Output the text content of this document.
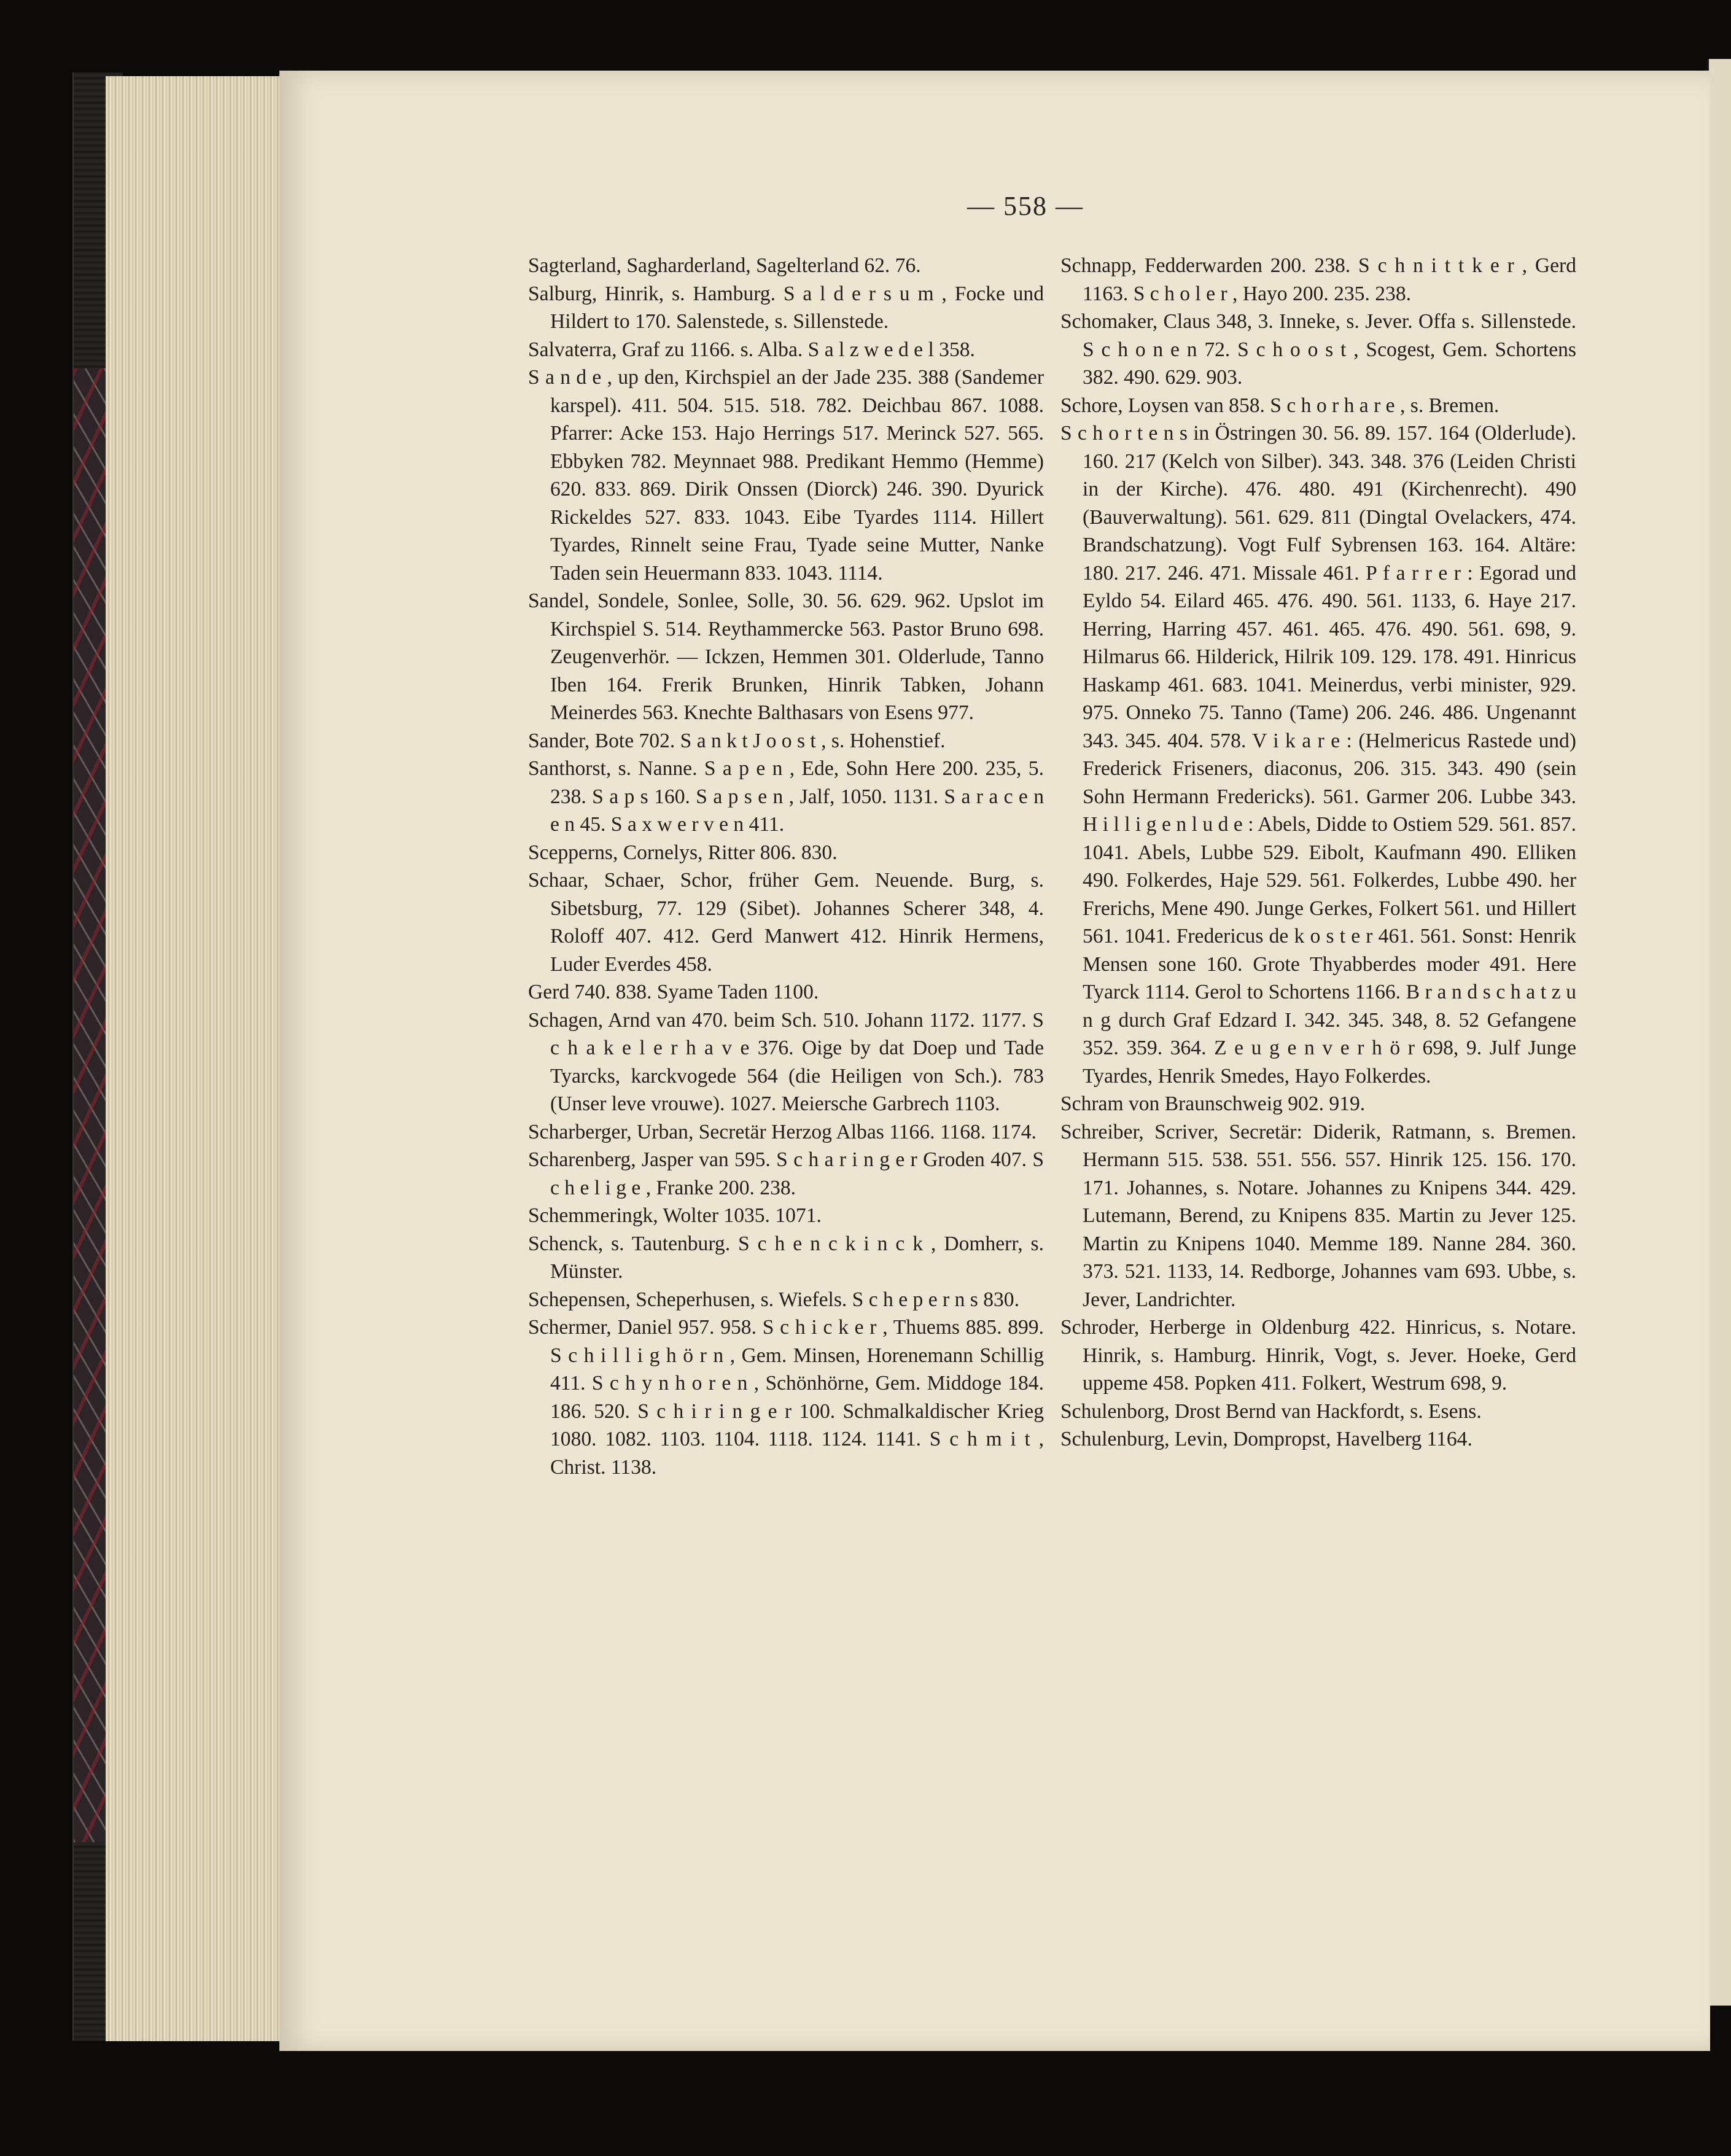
— 558 —

Sagterland, Sagharderland, Sagelterland 62. 76.

Salburg, Hinrik, s. Hamburg. S a l d e r s u m , Focke und Hildert to 170. Salenstede, s. Sillenstede.

Salvaterra, Graf zu 1166. s. Alba. S a l z w e d e l 358.

S a n d e , up den, Kirchspiel an der Jade 235. 388 (Sandemer karspel). 411. 504. 515. 518. 782. Deichbau 867. 1088. Pfarrer: Acke 153. Hajo Herrings 517. Merinck 527. 565. Ebbyken 782. Meynnaet 988. Predikant Hemmo (Hemme) 620. 833. 869. Dirik Onssen (Diorck) 246. 390. Dyurick Rickeldes 527. 833. 1043. Eibe Tyardes 1114. Hillert Tyardes, Rinnelt seine Frau, Tyade seine Mutter, Nanke Taden sein Heuermann 833. 1043. 1114.

Sandel, Sondele, Sonlee, Solle, 30. 56. 629. 962. Upslot im Kirchspiel S. 514. Reythammercke 563. Pastor Bruno 698. Zeugenverhör. — Ickzen, Hemmen 301. Olderlude, Tanno Iben 164. Frerik Brunken, Hinrik Tabken, Johann Meinerdes 563. Knechte Balthasars von Esens 977.

Sander, Bote 702. S a n k t J o o s t , s. Hohenstief.

Santhorst, s. Nanne. S a p e n , Ede, Sohn Here 200. 235, 5. 238. S a p s 160. S a p s e n , Jalf, 1050. 1131. S a r a c e n e n 45. S a x w e r v e n 411.

Scepperns, Cornelys, Ritter 806. 830.

Schaar, Schaer, Schor, früher Gem. Neuende. Burg, s. Sibetsburg, 77. 129 (Sibet). Johannes Scherer 348, 4. Roloff 407. 412. Gerd Manwert 412. Hinrik Hermens, Luder Everdes 458.

Gerd 740. 838. Syame Taden 1100.

Schagen, Arnd van 470. beim Sch. 510. Johann 1172. 1177. S c h a k e l e r h a v e 376. Oige by dat Doep und Tade Tyarcks, karckvogede 564 (die Heiligen von Sch.). 783 (Unser leve vrouwe). 1027. Meiersche Garbrech 1103.

Scharberger, Urban, Secretär Herzog Albas 1166. 1168. 1174.

Scharenberg, Jasper van 595. S c h a r i n g e r Groden 407. S c h e l i g e , Franke 200. 238.

Schemmeringk, Wolter 1035. 1071.

Schenck, s. Tautenburg. S c h e n c k i n c k , Domherr, s. Münster.

Schepensen, Scheperhusen, s. Wiefels. S c h e p e r n s 830.

Schermer, Daniel 957. 958. S c h i c k e r , Thuems 885. 899. S c h i l l i g h ö r n , Gem. Minsen, Horenemann Schillig 411. S c h y n h o r e n , Schönhörne, Gem. Middoge 184. 186. 520. S c h i r i n g e r 100. Schmalkaldischer Krieg 1080. 1082. 1103. 1104. 1118. 1124. 1141. S c h m i t , Christ. 1138.

Schnapp, Fedderwarden 200. 238. S c h n i t t k e r , Gerd 1163. S c h o l e r , Hayo 200. 235. 238.

Schomaker, Claus 348, 3. Inneke, s. Jever. Offa s. Sillenstede. S c h o n e n 72. S c h o o s t , Scogest, Gem. Schortens 382. 490. 629. 903.

Schore, Loysen van 858. S c h o r h a r e , s. Bremen.

S c h o r t e n s in Östringen 30. 56. 89. 157. 164 (Olderlude). 160. 217 (Kelch von Silber). 343. 348. 376 (Leiden Christi in der Kirche). 476. 480. 491 (Kirchenrecht). 490 (Bauverwaltung). 561. 629. 811 (Dingtal Ovelackers, 474. Brandschatzung). Vogt Fulf Sybrensen 163. 164. Altäre: 180. 217. 246. 471. Missale 461. P f a r r e r : Egorad und Eyldo 54. Eilard 465. 476. 490. 561. 1133, 6. Haye 217. Herring, Harring 457. 461. 465. 476. 490. 561. 698, 9. Hilmarus 66. Hilderick, Hilrik 109. 129. 178. 491. Hinricus Haskamp 461. 683. 1041. Meinerdus, verbi minister, 929. 975. Onneko 75. Tanno (Tame) 206. 246. 486. Ungenannt 343. 345. 404. 578. V i k a r e : (Helmericus Rastede und) Frederick Friseners, diaconus, 206. 315. 343. 490 (sein Sohn Hermann Fredericks). 561. Garmer 206. Lubbe 343. H i l l i g e n l u d e : Abels, Didde to Ostiem 529. 561. 857. 1041. Abels, Lubbe 529. Eibolt, Kaufmann 490. Elliken 490. Folkerdes, Haje 529. 561. Folkerdes, Lubbe 490. her Frerichs, Mene 490. Junge Gerkes, Folkert 561. und Hillert 561. 1041. Fredericus de k o s t e r 461. 561. Sonst: Henrik Mensen sone 160. Grote Thyabberdes moder 491. Here Tyarck 1114. Gerol to Schortens 1166. B r a n d s c h a t z u n g durch Graf Edzard I. 342. 345. 348, 8. 52 Gefangene 352. 359. 364. Z e u g e n v e r h ö r 698, 9. Julf Junge Tyardes, Henrik Smedes, Hayo Folkerdes.

Schram von Braunschweig 902. 919.

Schreiber, Scriver, Secretär: Diderik, Ratmann, s. Bremen. Hermann 515. 538. 551. 556. 557. Hinrik 125. 156. 170. 171. Johannes, s. Notare. Johannes zu Knipens 344. 429. Lutemann, Berend, zu Knipens 835. Martin zu Jever 125. Martin zu Knipens 1040. Memme 189. Nanne 284. 360. 373. 521. 1133, 14. Redborge, Johannes vam 693. Ubbe, s. Jever, Landrichter.

Schroder, Herberge in Oldenburg 422. Hinricus, s. Notare. Hinrik, s. Hamburg. Hinrik, Vogt, s. Jever. Hoeke, Gerd uppeme 458. Popken 411. Folkert, Westrum 698, 9.

Schulenborg, Drost Bernd van Hackfordt, s. Esens.

Schulenburg, Levin, Dompropst, Havelberg 1164.
